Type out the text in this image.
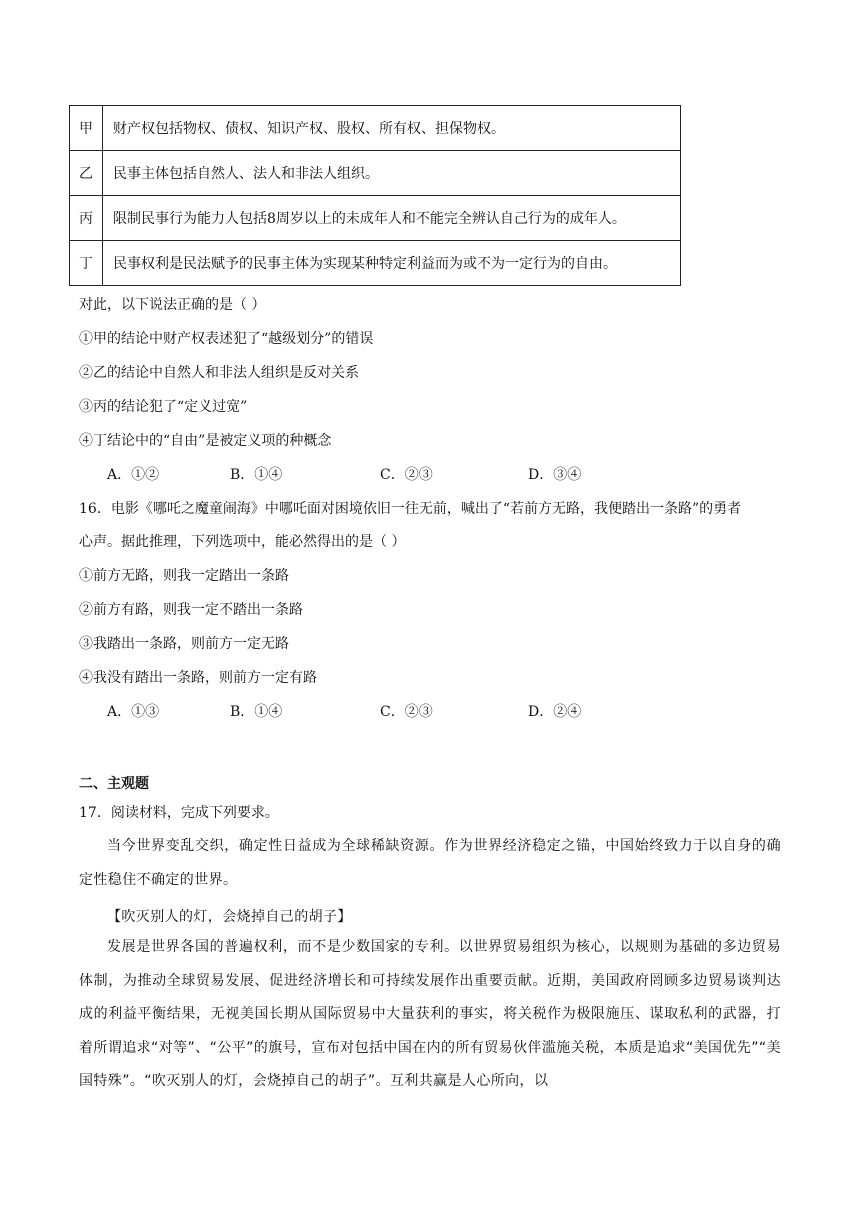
甲	财产权包括物权、债权、知识产权、股权、所有权、担保物权。
乙	民事主体包括自然人、法人和非法人组织。
丙	限制民事行为能力人包括8周岁以上的未成年人和不能完全辨认自己行为的成年人。
丁	民事权利是民法赋予的民事主体为实现某种特定利益而为或不为一定行为的自由。
对此，以下说法正确的是（ ）
①甲的结论中财产权表述犯了“越级划分”的错误
②乙的结论中自然人和非法人组织是反对关系
③丙的结论犯了“定义过宽”
④丁结论中的“自由”是被定义项的种概念
A．①②	B．①④	C．②③	D．③④
16．电影《哪吒之魔童闹海》中哪吒面对困境依旧一往无前，喊出了“若前方无路，我便踏出一条路”的勇者
心声。据此推理，下列选项中，能必然得出的是（ ）
①前方无路，则我一定踏出一条路
②前方有路，则我一定不踏出一条路
③我踏出一条路，则前方一定无路
④我没有踏出一条路，则前方一定有路
A．①③	B．①④	C．②③	D．②④
二、主观题
17．阅读材料，完成下列要求。
当今世界变乱交织，确定性日益成为全球稀缺资源。作为世界经济稳定之锚，中国始终致力于以自身的确定性稳住不确定的世界。
【吹灭别人的灯，会烧掉自己的胡子】
发展是世界各国的普遍权利，而不是少数国家的专利。以世界贸易组织为核心，以规则为基础的多边贸易体制，为推动全球贸易发展、促进经济增长和可持续发展作出重要贡献。近期，美国政府罔顾多边贸易谈判达成的利益平衡结果，无视美国长期从国际贸易中大量获利的事实，将关税作为极限施压、谋取私利的武器，打着所谓追求“对等”、“公平”的旗号，宣布对包括中国在内的所有贸易伙伴滥施关税，本质是追求“美国优先”“美国特殊”。“吹灭别人的灯，会烧掉自己的胡子”。互利共赢是人心所向，以
